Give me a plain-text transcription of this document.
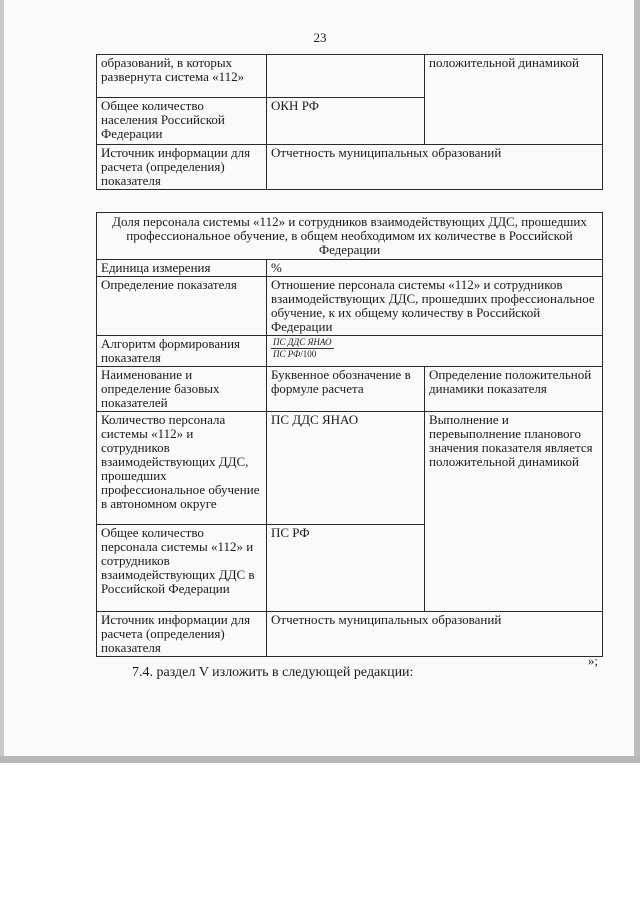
23
образований, в которых развернута система «112»		положительной динамикой
Общее количество населения Российской Федерации	ОКН РФ	
Источник информации для расчета (определения) показателя	Отчетность муниципальных образований	
Доля персонала системы «112» и сотрудников взаимодействующих ДДС, прошедших профессиональное обучение, в общем необходимом их количестве в Российской Федерации		
Единица измерения	%	
Определение показателя	Отношение персонала системы «112» и сотрудников взаимодействующих ДДС, прошедших профессиональное обучение, к их общему количеству в Российской Федерации	
Алгоритм формирования показателя	$\frac{\text{ПС ДДС ЯНАО}}{\text{ПС РФ/100}}$

Наименование и определение базовых показателей	Буквенное обозначение в формуле расчета	Определение положительной динамики показателя
Количество персонала системы «112» и сотрудников взаимодействующих ДДС, прошедших профессиональное обучение в автономном округе	ПС ДДС ЯНАО	Выполнение и перевыполнение планового значения показателя является положительной динамикой
Общее количество персонала системы «112» и сотрудников взаимодействующих ДДС в Российской Федерации	ПС РФ	
Источник информации для расчета (определения) показателя	Отчетность муниципальных образований	
»;
7.4. раздел V изложить в следующей редакции:
